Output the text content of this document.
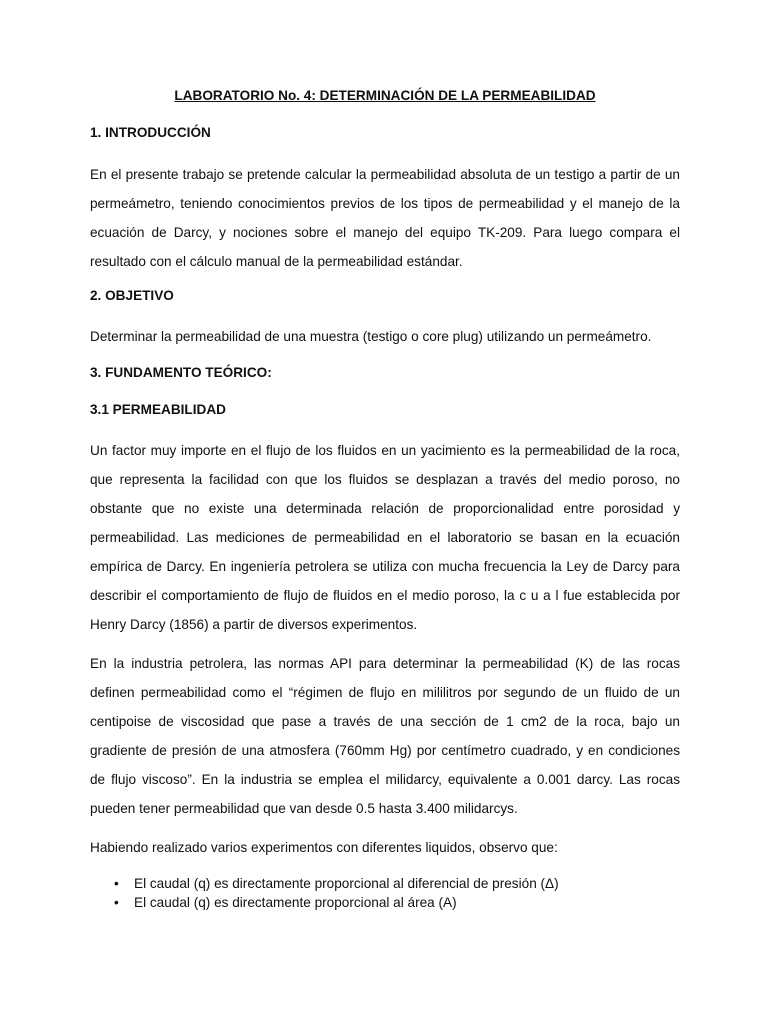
LABORATORIO No. 4: DETERMINACIÓN DE LA PERMEABILIDAD

1. INTRODUCCIÓN

En el presente trabajo se pretende calcular la permeabilidad absoluta de un testigo a partir de un permeámetro, teniendo conocimientos previos de los tipos de permeabilidad y el manejo de la ecuación de Darcy, y nociones sobre el manejo del equipo TK-209. Para luego compara el resultado con el cálculo manual de la permeabilidad estándar.

2. OBJETIVO

Determinar la permeabilidad de una muestra (testigo o core plug) utilizando un permeámetro.

3. FUNDAMENTO TEÓRICO:

3.1 PERMEABILIDAD

Un factor muy importe en el flujo de los fluidos en un yacimiento es la permeabilidad de la roca, que representa la facilidad con que los fluidos se desplazan a través del medio poroso, no obstante que no existe una determinada relación de proporcionalidad entre porosidad y permeabilidad. Las mediciones de permeabilidad en el laboratorio se basan en la ecuación empírica de Darcy. En ingeniería petrolera se utiliza con mucha frecuencia la Ley de Darcy para describir el comportamiento de flujo de fluidos en el medio poroso, la c u a l fue establecida por Henry Darcy (1856) a partir de diversos experimentos.

En la industria petrolera, las normas API para determinar la permeabilidad (K) de las rocas definen permeabilidad como el “régimen de flujo en mililitros por segundo de un fluido de un centipoise de viscosidad que pase a través de una sección de 1 cm2 de la roca, bajo un gradiente de presión de una atmosfera (760mm Hg) por centímetro cuadrado, y en condiciones de flujo viscoso”. En la industria se emplea el milidarcy, equivalente a 0.001 darcy. Las rocas pueden tener permeabilidad que van desde 0.5 hasta 3.400 milidarcys.

Habiendo realizado varios experimentos con diferentes liquidos, observo que:

• El caudal (q) es directamente proporcional al diferencial de presión (Δ)
• El caudal (q) es directamente proporcional al área (A)
